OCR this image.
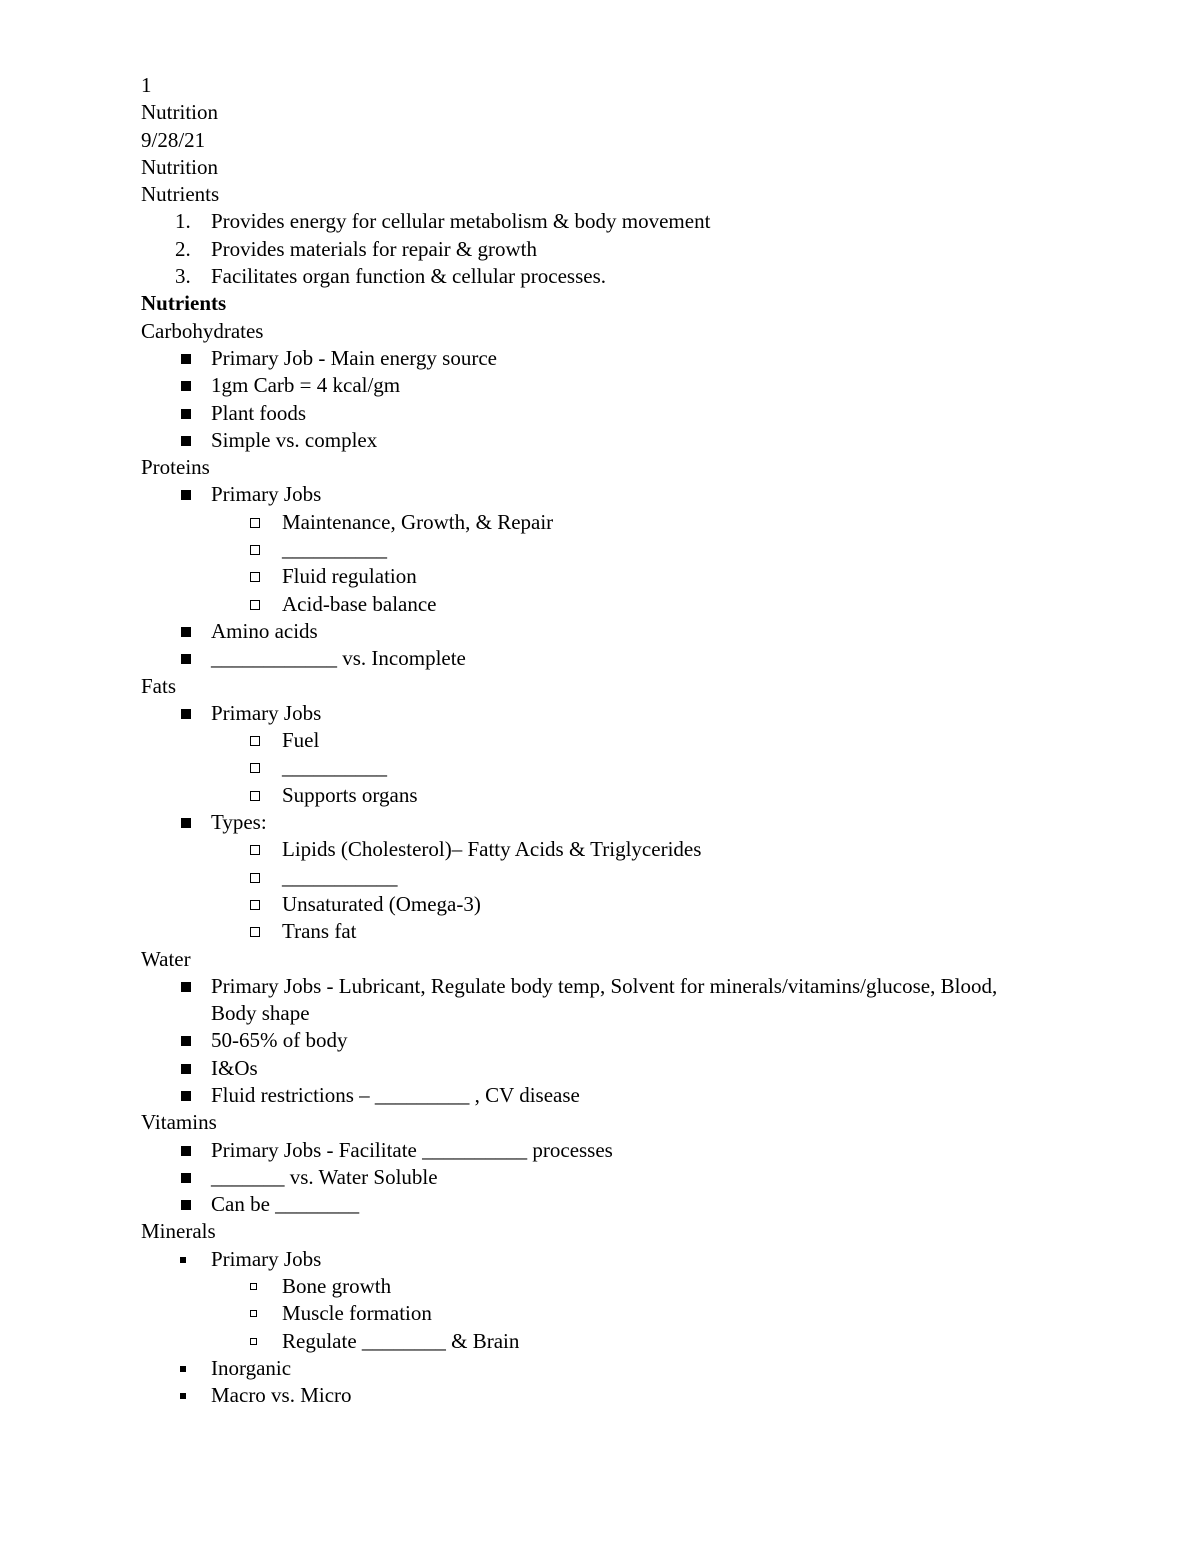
1
Nutrition
9/28/21
Nutrition
Nutrients
1. Provides energy for cellular metabolism & body movement
2. Provides materials for repair & growth
3. Facilitates organ function & cellular processes.
Nutrients
Carbohydrates
Primary Job - Main energy source
1gm Carb = 4 kcal/gm
Plant foods
Simple vs. complex
Proteins
Primary Jobs
Maintenance, Growth, & Repair
__________
Fluid regulation
Acid-base balance
Amino acids
____________ vs. Incomplete
Fats
Primary Jobs
Fuel
__________
Supports organs
Types:
Lipids (Cholesterol)– Fatty Acids & Triglycerides
___________
Unsaturated (Omega-3)
Trans fat
Water
Primary Jobs - Lubricant, Regulate body temp, Solvent for minerals/vitamins/glucose, Blood, Body shape
50-65% of body
I&Os
Fluid restrictions – _________ , CV disease
Vitamins
Primary Jobs - Facilitate __________ processes
_______ vs. Water Soluble
Can be ________
Minerals
Primary Jobs
Bone growth
Muscle formation
Regulate ________ & Brain
Inorganic
Macro vs. Micro
